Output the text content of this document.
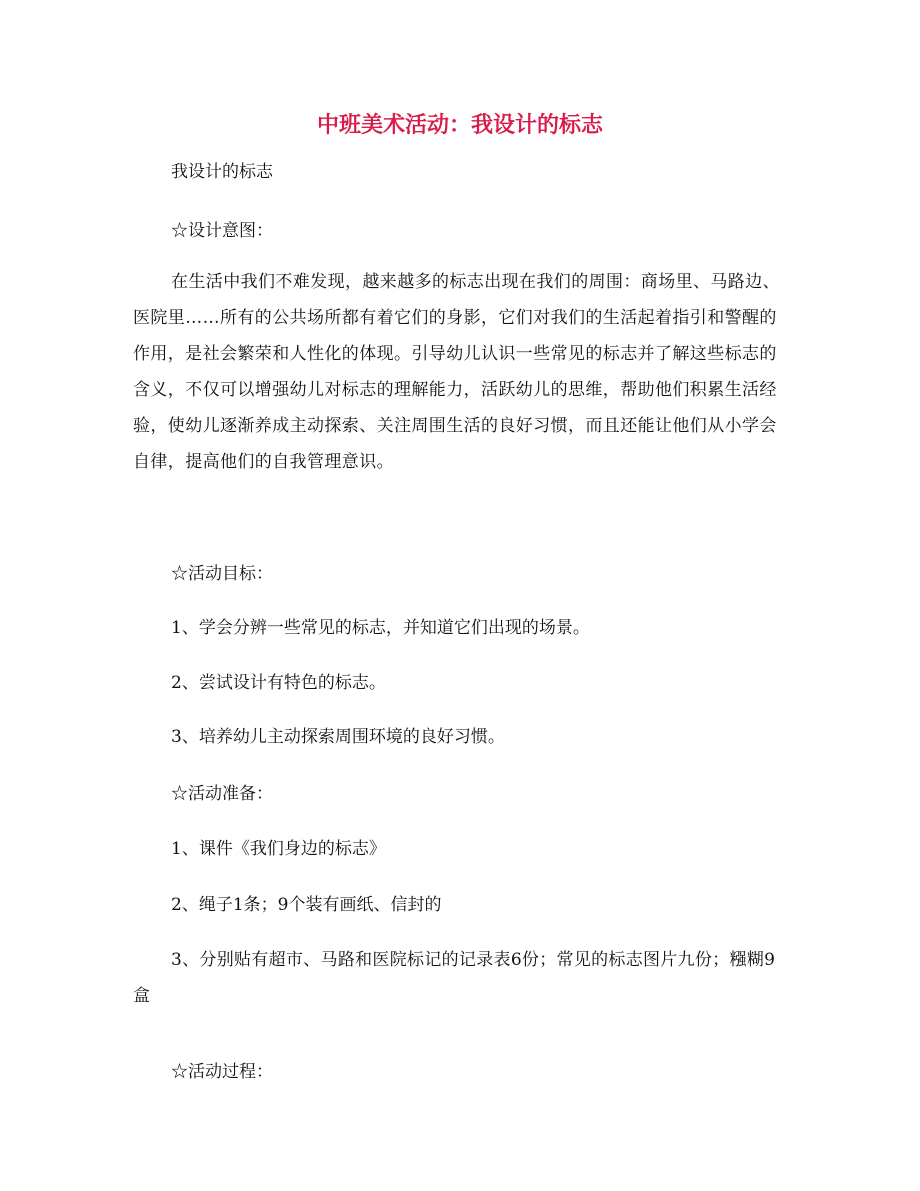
中班美术活动：我设计的标志

我设计的标志

☆设计意图：

在生活中我们不难发现，越来越多的标志出现在我们的周围：商场里、马路边、医院里……所有的公共场所都有着它们的身影，它们对我们的生活起着指引和警醒的作用，是社会繁荣和人性化的体现。引导幼儿认识一些常见的标志并了解这些标志的含义，不仅可以增强幼儿对标志的理解能力，活跃幼儿的思维，帮助他们积累生活经验，使幼儿逐渐养成主动探索、关注周围生活的良好习惯，而且还能让他们从小学会自律，提高他们的自我管理意识。

☆活动目标：

1、学会分辨一些常见的标志，并知道它们出现的场景。

2、尝试设计有特色的标志。

3、培养幼儿主动探索周围环境的良好习惯。

☆活动准备：

1、课件《我们身边的标志》

2、绳子1条；9个装有画纸、信封的

3、分别贴有超市、马路和医院标记的记录表6份；常见的标志图片九份；糨糊9盒

☆活动过程：
